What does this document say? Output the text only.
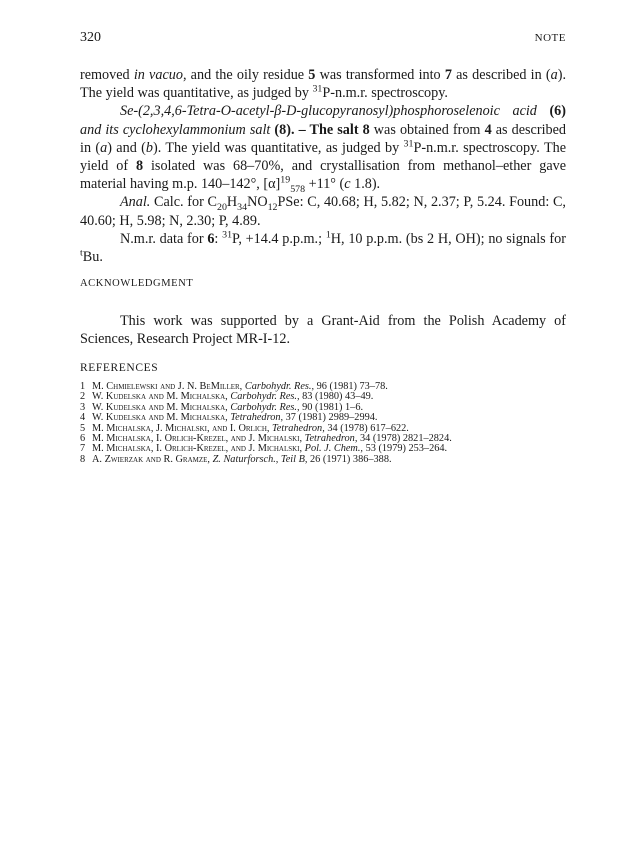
320	NOTE

removed in vacuo, and the oily residue 5 was transformed into 7 as described in (a). The yield was quantitative, as judged by $^{31}$P-n.m.r. spectroscopy.

Se-(2,3,4,6-Tetra-O-acetyl-β-D-glucopyranosyl)phosphoroselenoic acid (6) and its cyclohexylammonium salt (8). – The salt 8 was obtained from 4 as described in (a) and (b). The yield was quantitative, as judged by $^{31}$P-n.m.r. spectroscopy. The yield of 8 isolated was 68–70%, and crystallisation from methanol–ether gave material having m.p. 140–142°, $[\alpha]^{19}_{578} +11^\circ$ (c 1.8).

Anal. Calc. for $C_{20}H_{34}NO_{12}PSe$: C, 40.68; H, 5.82; N, 2.37; P, 5.24. Found: C, 40.60; H, 5.98; N, 2.30; P, 4.89.

N.m.r. data for 6: $^{31}$P, +14.4 p.p.m.; $^1$H, 10 p.p.m. (bs 2 H, OH); no signals for $^t$Bu.

ACKNOWLEDGMENT
This work was supported by a Grant-Aid from the Polish Academy of Sciences, Research Project MR-I-12.
REFERENCES
1 M. Chmielewski and J. N. BeMiller, Carbohydr. Res., 96 (1981) 73–78.
2 W. Kudelska and M. Michalska, Carbohydr. Res., 83 (1980) 43–49.
3 W. Kudelska and M. Michalska, Carbohydr. Res., 90 (1981) 1–6.
4 W. Kudelska and M. Michalska, Tetrahedron, 37 (1981) 2989–2994.
5 M. Michalska, J. Michalski, and I. Orlich, Tetrahedron, 34 (1978) 617–622.
6 M. Michalska, I. Orlich-Krezel, and J. Michalski, Tetrahedron, 34 (1978) 2821–2824.
7 M. Michalska, I. Orlich-Krezel, and J. Michalski, Pol. J. Chem., 53 (1979) 253–264.
8 A. Zwierzak and R. Gramze, Z. Naturforsch., Teil B, 26 (1971) 386–388.
